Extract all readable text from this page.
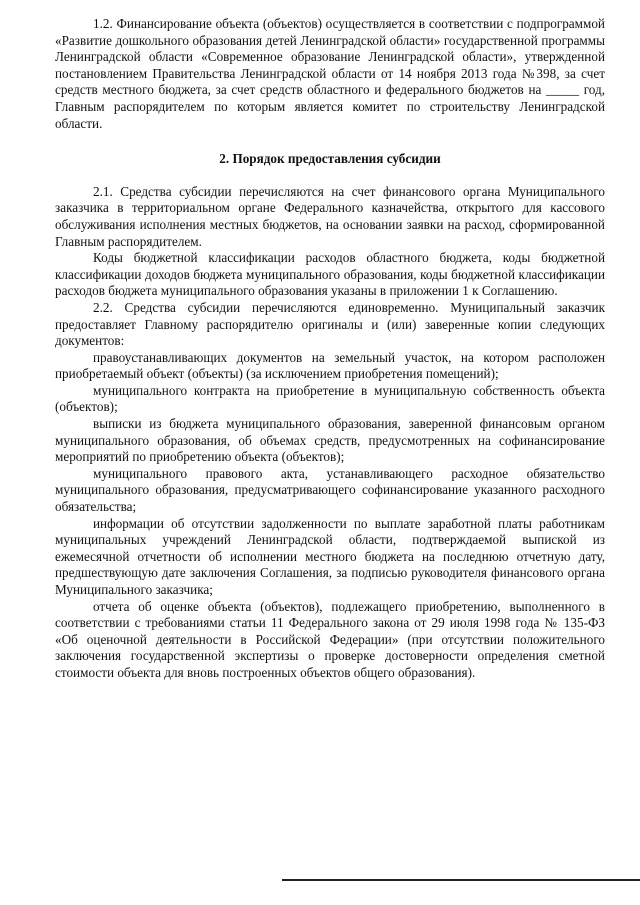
1.2. Финансирование объекта (объектов) осуществляется в соответствии с подпрограммой «Развитие дошкольного образования детей Ленинградской области» государственной программы Ленинградской области «Современное образование Ленинградской области», утвержденной постановлением Правительства Ленинградской области от 14 ноября 2013 года №398, за счет средств местного бюджета, за счет средств областного и федерального бюджетов на _____ год, Главным распорядителем по которым является комитет по строительству Ленинградской области.

2. Порядок предоставления субсидии

2.1. Средства субсидии перечисляются на счет финансового органа Муниципального заказчика в территориальном органе Федерального казначейства, открытого для кассового обслуживания исполнения местных бюджетов, на основании заявки на расход, сформированной Главным распорядителем.

Коды бюджетной классификации расходов областного бюджета, коды бюджетной классификации доходов бюджета муниципального образования, коды бюджетной классификации расходов бюджета муниципального образования указаны в приложении 1 к Соглашению.

2.2. Средства субсидии перечисляются единовременно. Муниципальный заказчик предоставляет Главному распорядителю оригиналы и (или) заверенные копии следующих документов:

правоустанавливающих документов на земельный участок, на котором расположен приобретаемый объект (объекты) (за исключением приобретения помещений);

муниципального контракта на приобретение в муниципальную собственность объекта (объектов);

выписки из бюджета муниципального образования, заверенной финансовым органом муниципального образования, об объемах средств, предусмотренных на софинансирование мероприятий по приобретению объекта (объектов);

муниципального правового акта, устанавливающего расходное обязательство муниципального образования, предусматривающего софинансирование указанного расходного обязательства;

информации об отсутствии задолженности по выплате заработной платы работникам муниципальных учреждений Ленинградской области, подтверждаемой выпиской из ежемесячной отчетности об исполнении местного бюджета на последнюю отчетную дату, предшествующую дате заключения Соглашения, за подписью руководителя финансового органа Муниципального заказчика;

отчета об оценке объекта (объектов), подлежащего приобретению, выполненного в соответствии с требованиями статьи 11 Федерального закона от 29 июля 1998 года № 135-ФЗ «Об оценочной деятельности в Российской Федерации» (при отсутствии положительного заключения государственной экспертизы о проверке достоверности определения сметной стоимости объекта для вновь построенных объектов общего образования).
